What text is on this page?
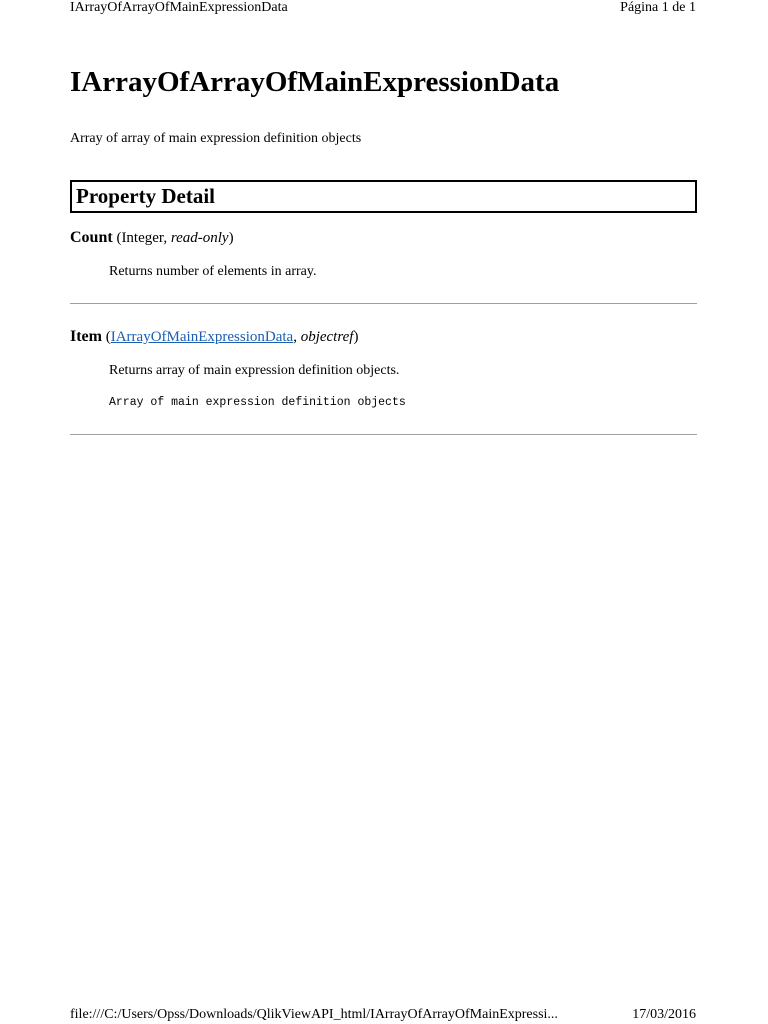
IArrayOfArrayOfMainExpressionData	Página 1 de 1
IArrayOfArrayOfMainExpressionData

Array of array of main expression definition objects

Property Detail
Count (Integer, read-only)

Returns number of elements in array.

Item (IArrayOfMainExpressionData, objectref)

Returns array of main expression definition objects.

Array of main expression definition objects
file:///C:/Users/Opss/Downloads/QlikViewAPI_html/IArrayOfArrayOfMainExpressi...	17/03/2016
